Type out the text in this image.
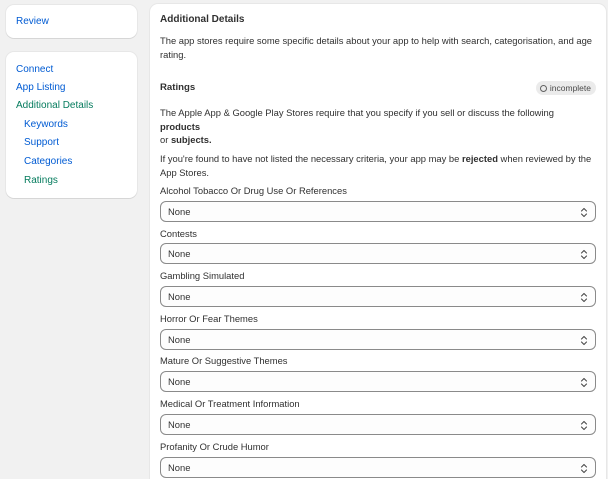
Review
Connect
App Listing
Additional Details
Keywords
Support
Categories
Ratings
Additional Details
The app stores require some specific details about your app to help with search, categorisation, and age
rating.
Ratings	incomplete
The Apple App & Google Play Stores require that you specify if you sell or discuss the following products
or subjects.
If you're found to have not listed the necessary criteria, your app may be rejected when reviewed by the
App Stores.
Alcohol Tobacco Or Drug Use Or References
None
Contests
None
Gambling Simulated
None
Horror Or Fear Themes
None
Mature Or Suggestive Themes
None
Medical Or Treatment Information
None
Profanity Or Crude Humor
None
